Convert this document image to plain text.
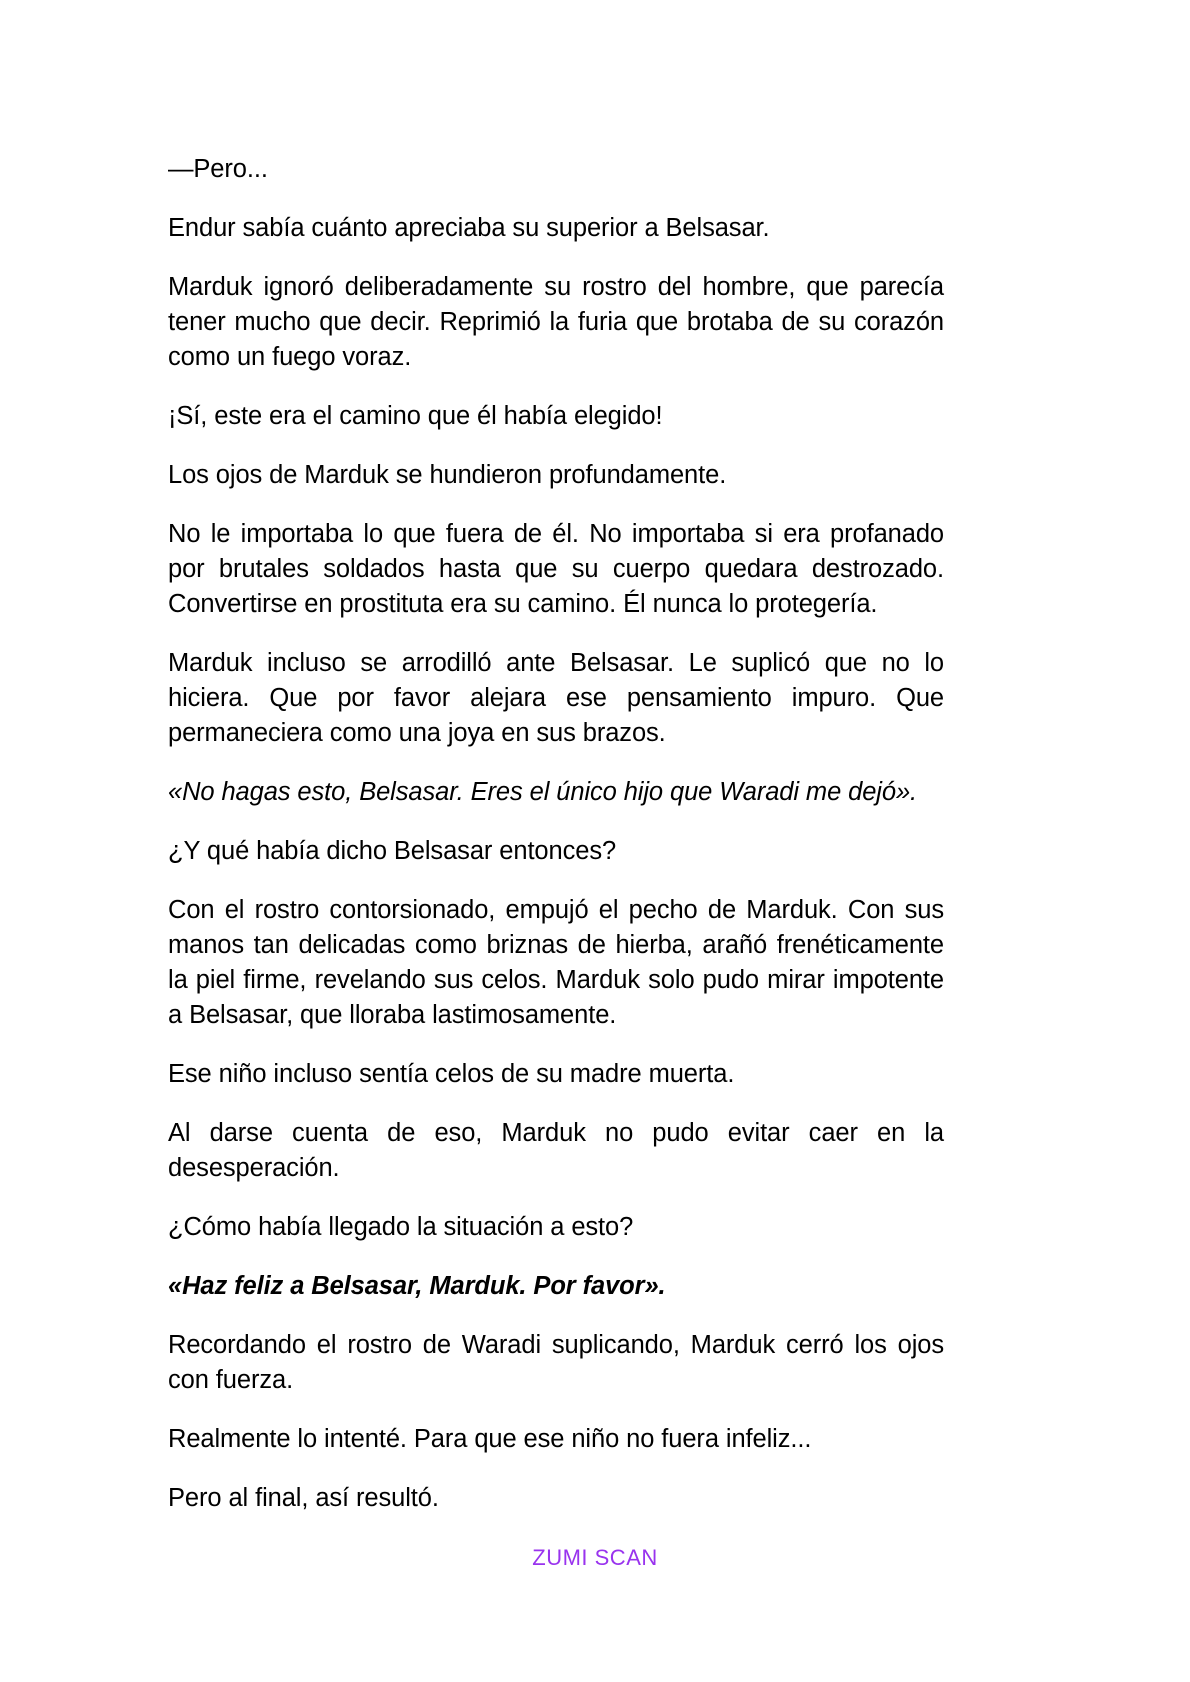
—Pero...

Endur sabía cuánto apreciaba su superior a Belsasar.

Marduk ignoró deliberadamente su rostro del hombre, que parecía tener mucho que decir. Reprimió la furia que brotaba de su corazón como un fuego voraz.

¡Sí, este era el camino que él había elegido!

Los ojos de Marduk se hundieron profundamente.

No le importaba lo que fuera de él. No importaba si era profanado por brutales soldados hasta que su cuerpo quedara destrozado. Convertirse en prostituta era su camino. Él nunca lo protegería.

Marduk incluso se arrodilló ante Belsasar. Le suplicó que no lo hiciera. Que por favor alejara ese pensamiento impuro. Que permaneciera como una joya en sus brazos.

«No hagas esto, Belsasar. Eres el único hijo que Waradi me dejó».

¿Y qué había dicho Belsasar entonces?

Con el rostro contorsionado, empujó el pecho de Marduk. Con sus manos tan delicadas como briznas de hierba, arañó frenéticamente la piel firme, revelando sus celos. Marduk solo pudo mirar impotente a Belsasar, que lloraba lastimosamente.

Ese niño incluso sentía celos de su madre muerta.

Al darse cuenta de eso, Marduk no pudo evitar caer en la desesperación.

¿Cómo había llegado la situación a esto?

«Haz feliz a Belsasar, Marduk. Por favor».

Recordando el rostro de Waradi suplicando, Marduk cerró los ojos con fuerza.

Realmente lo intenté. Para que ese niño no fuera infeliz...

Pero al final, así resultó.

ZUMI SCAN
